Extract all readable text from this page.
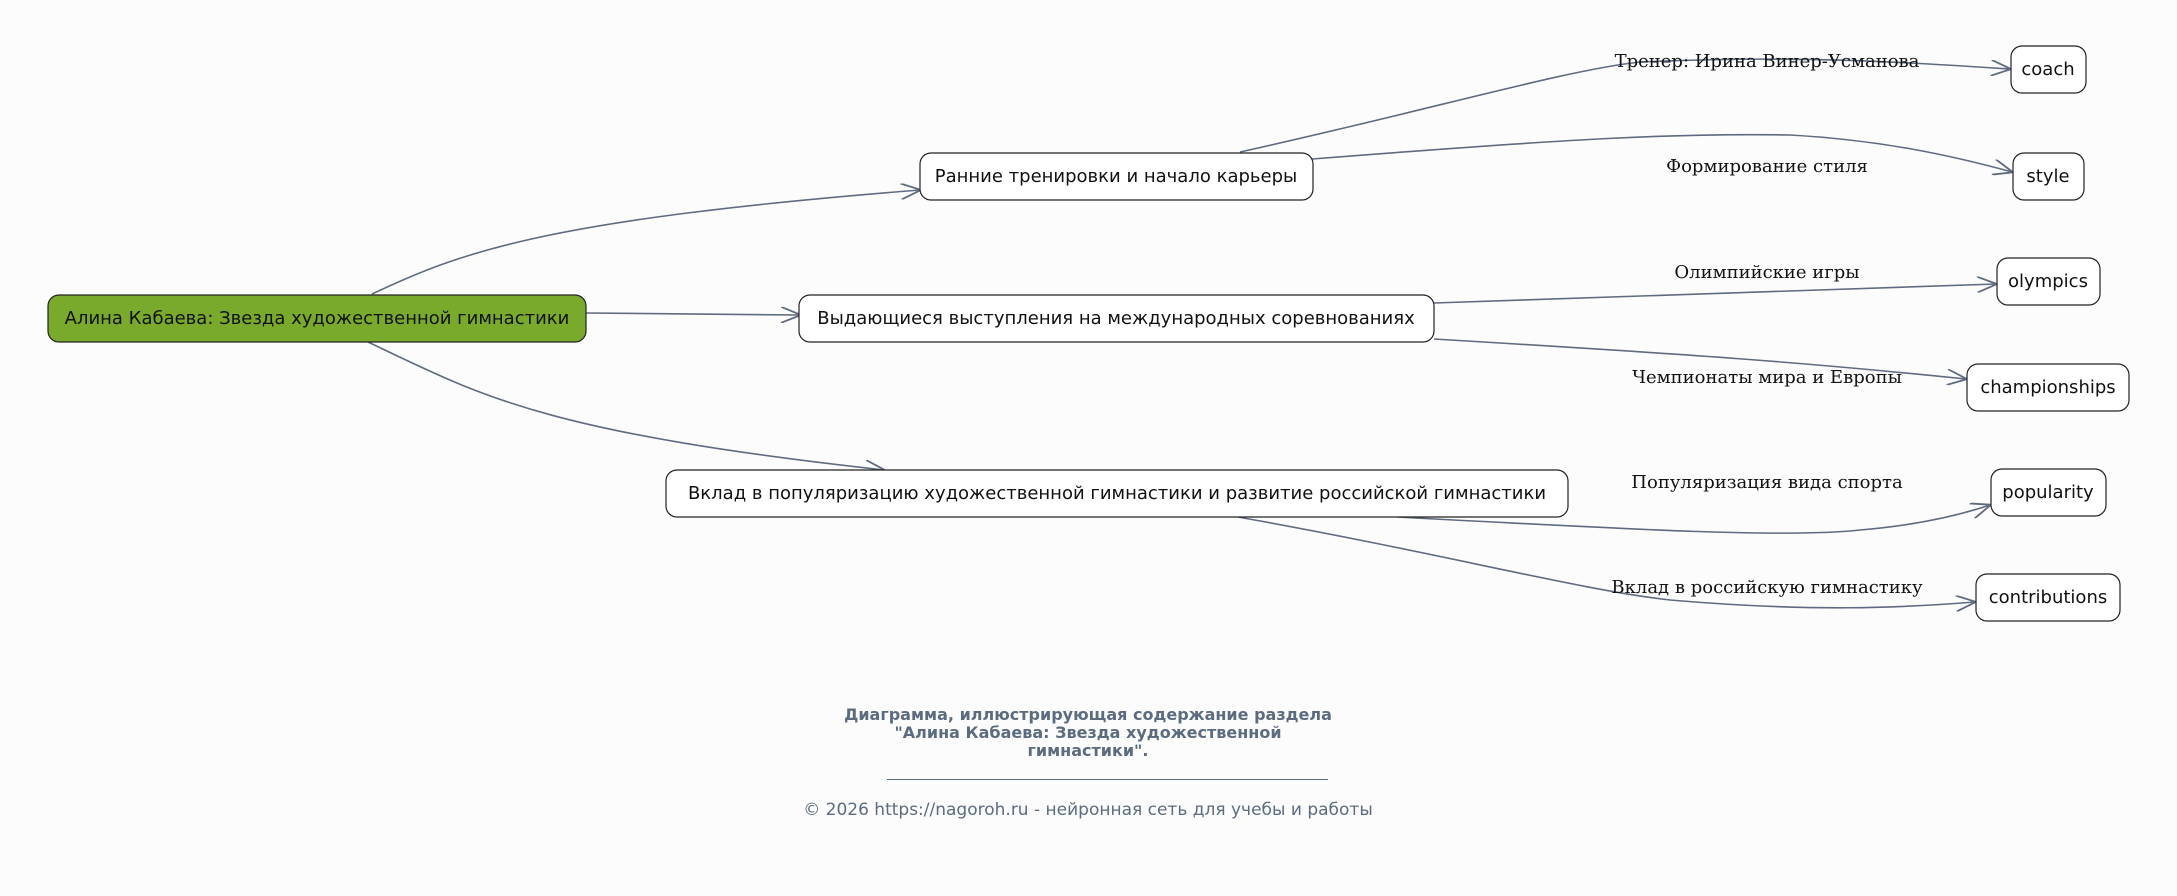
Тренер: Ирина Винер-Усманова
Формирование стиля
Олимпийские игры
Чемпионаты мира и Европы
Популяризация вида спорта
Вклад в российскую гимнастику
Алина Кабаева: Звезда художественной гимнастики
Ранние тренировки и начало карьеры
Выдающиеся выступления на международных соревнованиях
Вклад в популяризацию художественной гимнастики и развитие российской гимнастики
coach
style
olympics
championships
popularity
contributions
Диаграмма, иллюстрирующая содержание раздела
"Алина Кабаева: Звезда художественной
гимнастики".
© 2026 https://nagoroh.ru - нейронная сеть для учебы и работы
